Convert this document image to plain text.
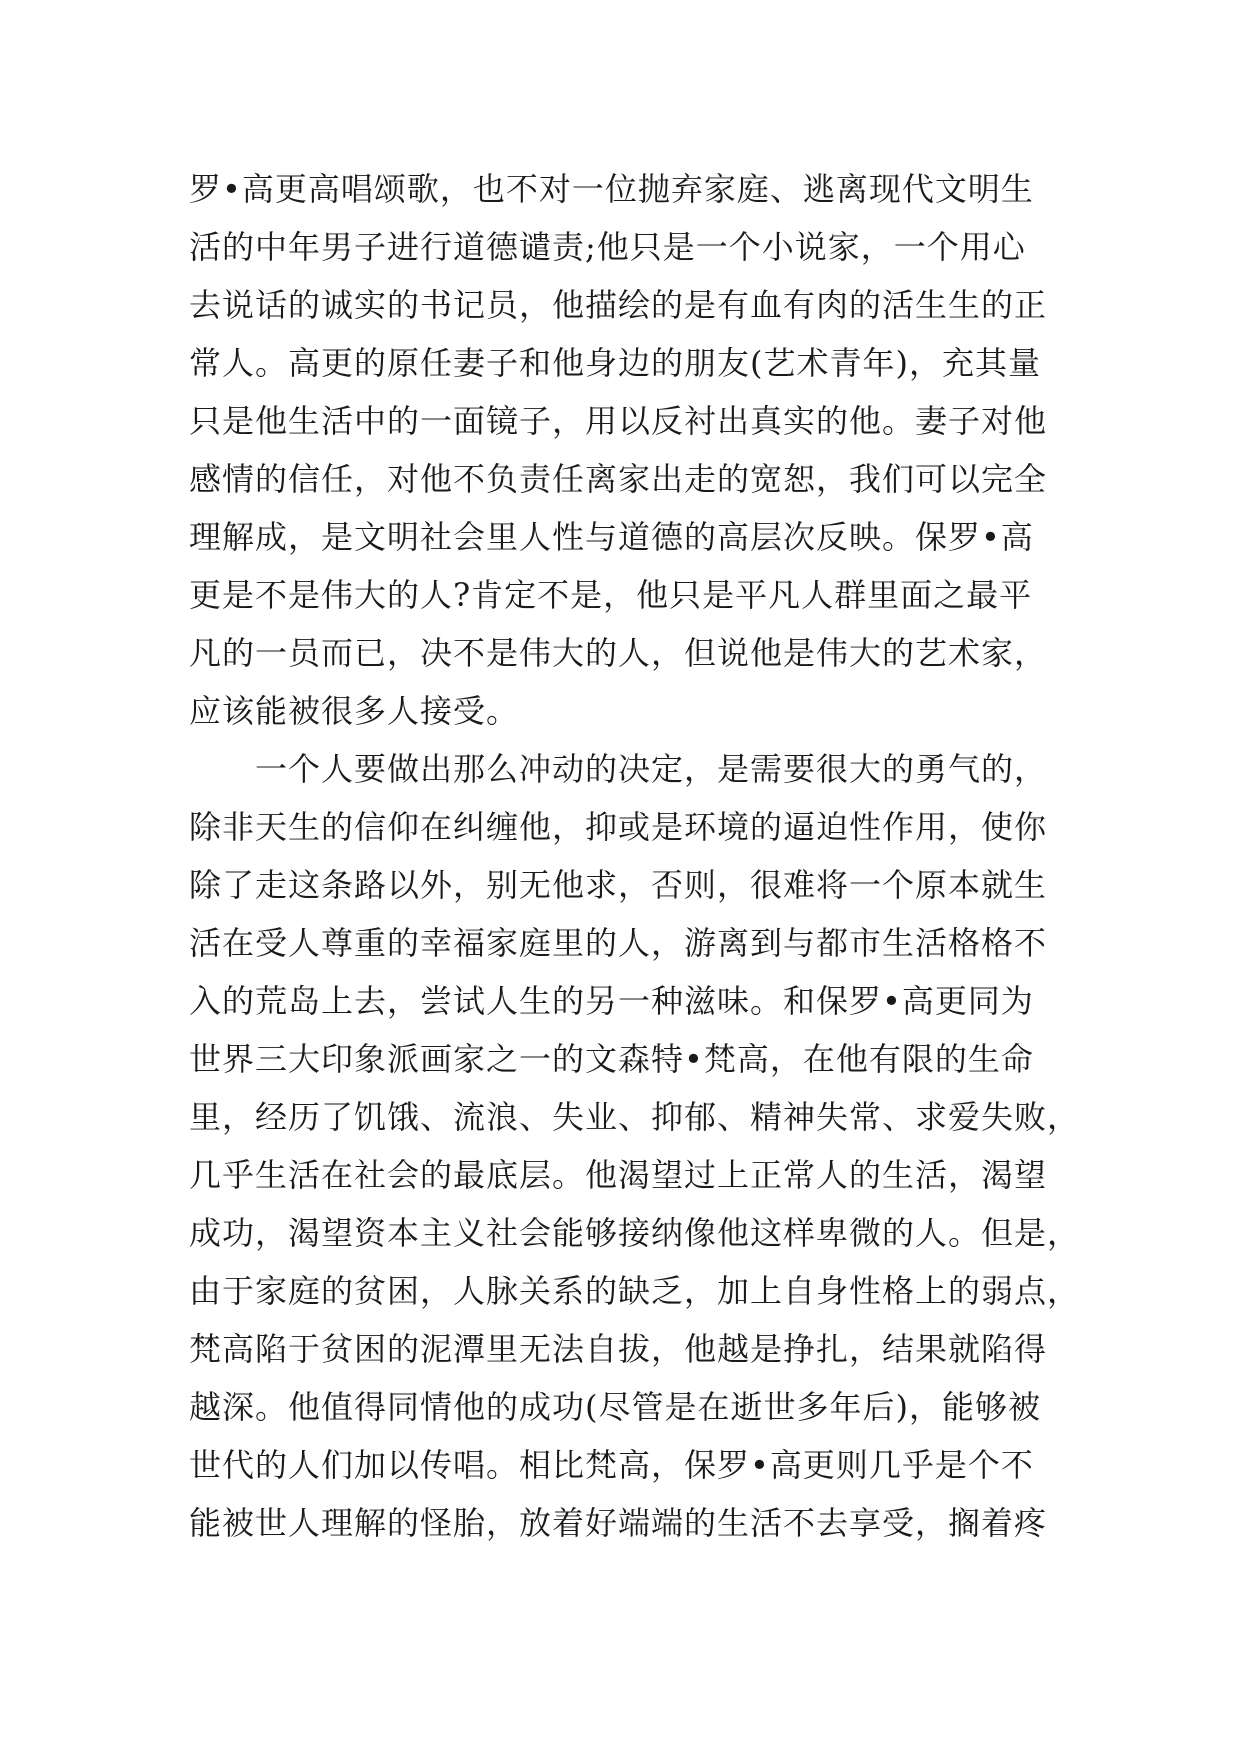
罗•高更高唱颂歌，也不对一位抛弃家庭、逃离现代文明生
活的中年男子进行道德谴责;他只是一个小说家，一个用心
去说话的诚实的书记员，他描绘的是有血有肉的活生生的正
常人。高更的原任妻子和他身边的朋友(艺术青年)，充其量
只是他生活中的一面镜子，用以反衬出真实的他。妻子对他
感情的信任，对他不负责任离家出走的宽恕，我们可以完全
理解成，是文明社会里人性与道德的高层次反映。保罗•高
更是不是伟大的人?肯定不是，他只是平凡人群里面之最平
凡的一员而已，决不是伟大的人，但说他是伟大的艺术家，
应该能被很多人接受。
　　一个人要做出那么冲动的决定，是需要很大的勇气的，
除非天生的信仰在纠缠他，抑或是环境的逼迫性作用，使你
除了走这条路以外，别无他求，否则，很难将一个原本就生
活在受人尊重的幸福家庭里的人，游离到与都市生活格格不
入的荒岛上去，尝试人生的另一种滋味。和保罗•高更同为
世界三大印象派画家之一的文森特•梵高，在他有限的生命
里，经历了饥饿、流浪、失业、抑郁、精神失常、求爱失败，
几乎生活在社会的最底层。他渴望过上正常人的生活，渴望
成功，渴望资本主义社会能够接纳像他这样卑微的人。但是，
由于家庭的贫困，人脉关系的缺乏，加上自身性格上的弱点，
梵高陷于贫困的泥潭里无法自拔，他越是挣扎，结果就陷得
越深。他值得同情他的成功(尽管是在逝世多年后)，能够被
世代的人们加以传唱。相比梵高，保罗•高更则几乎是个不
能被世人理解的怪胎，放着好端端的生活不去享受，搁着疼
